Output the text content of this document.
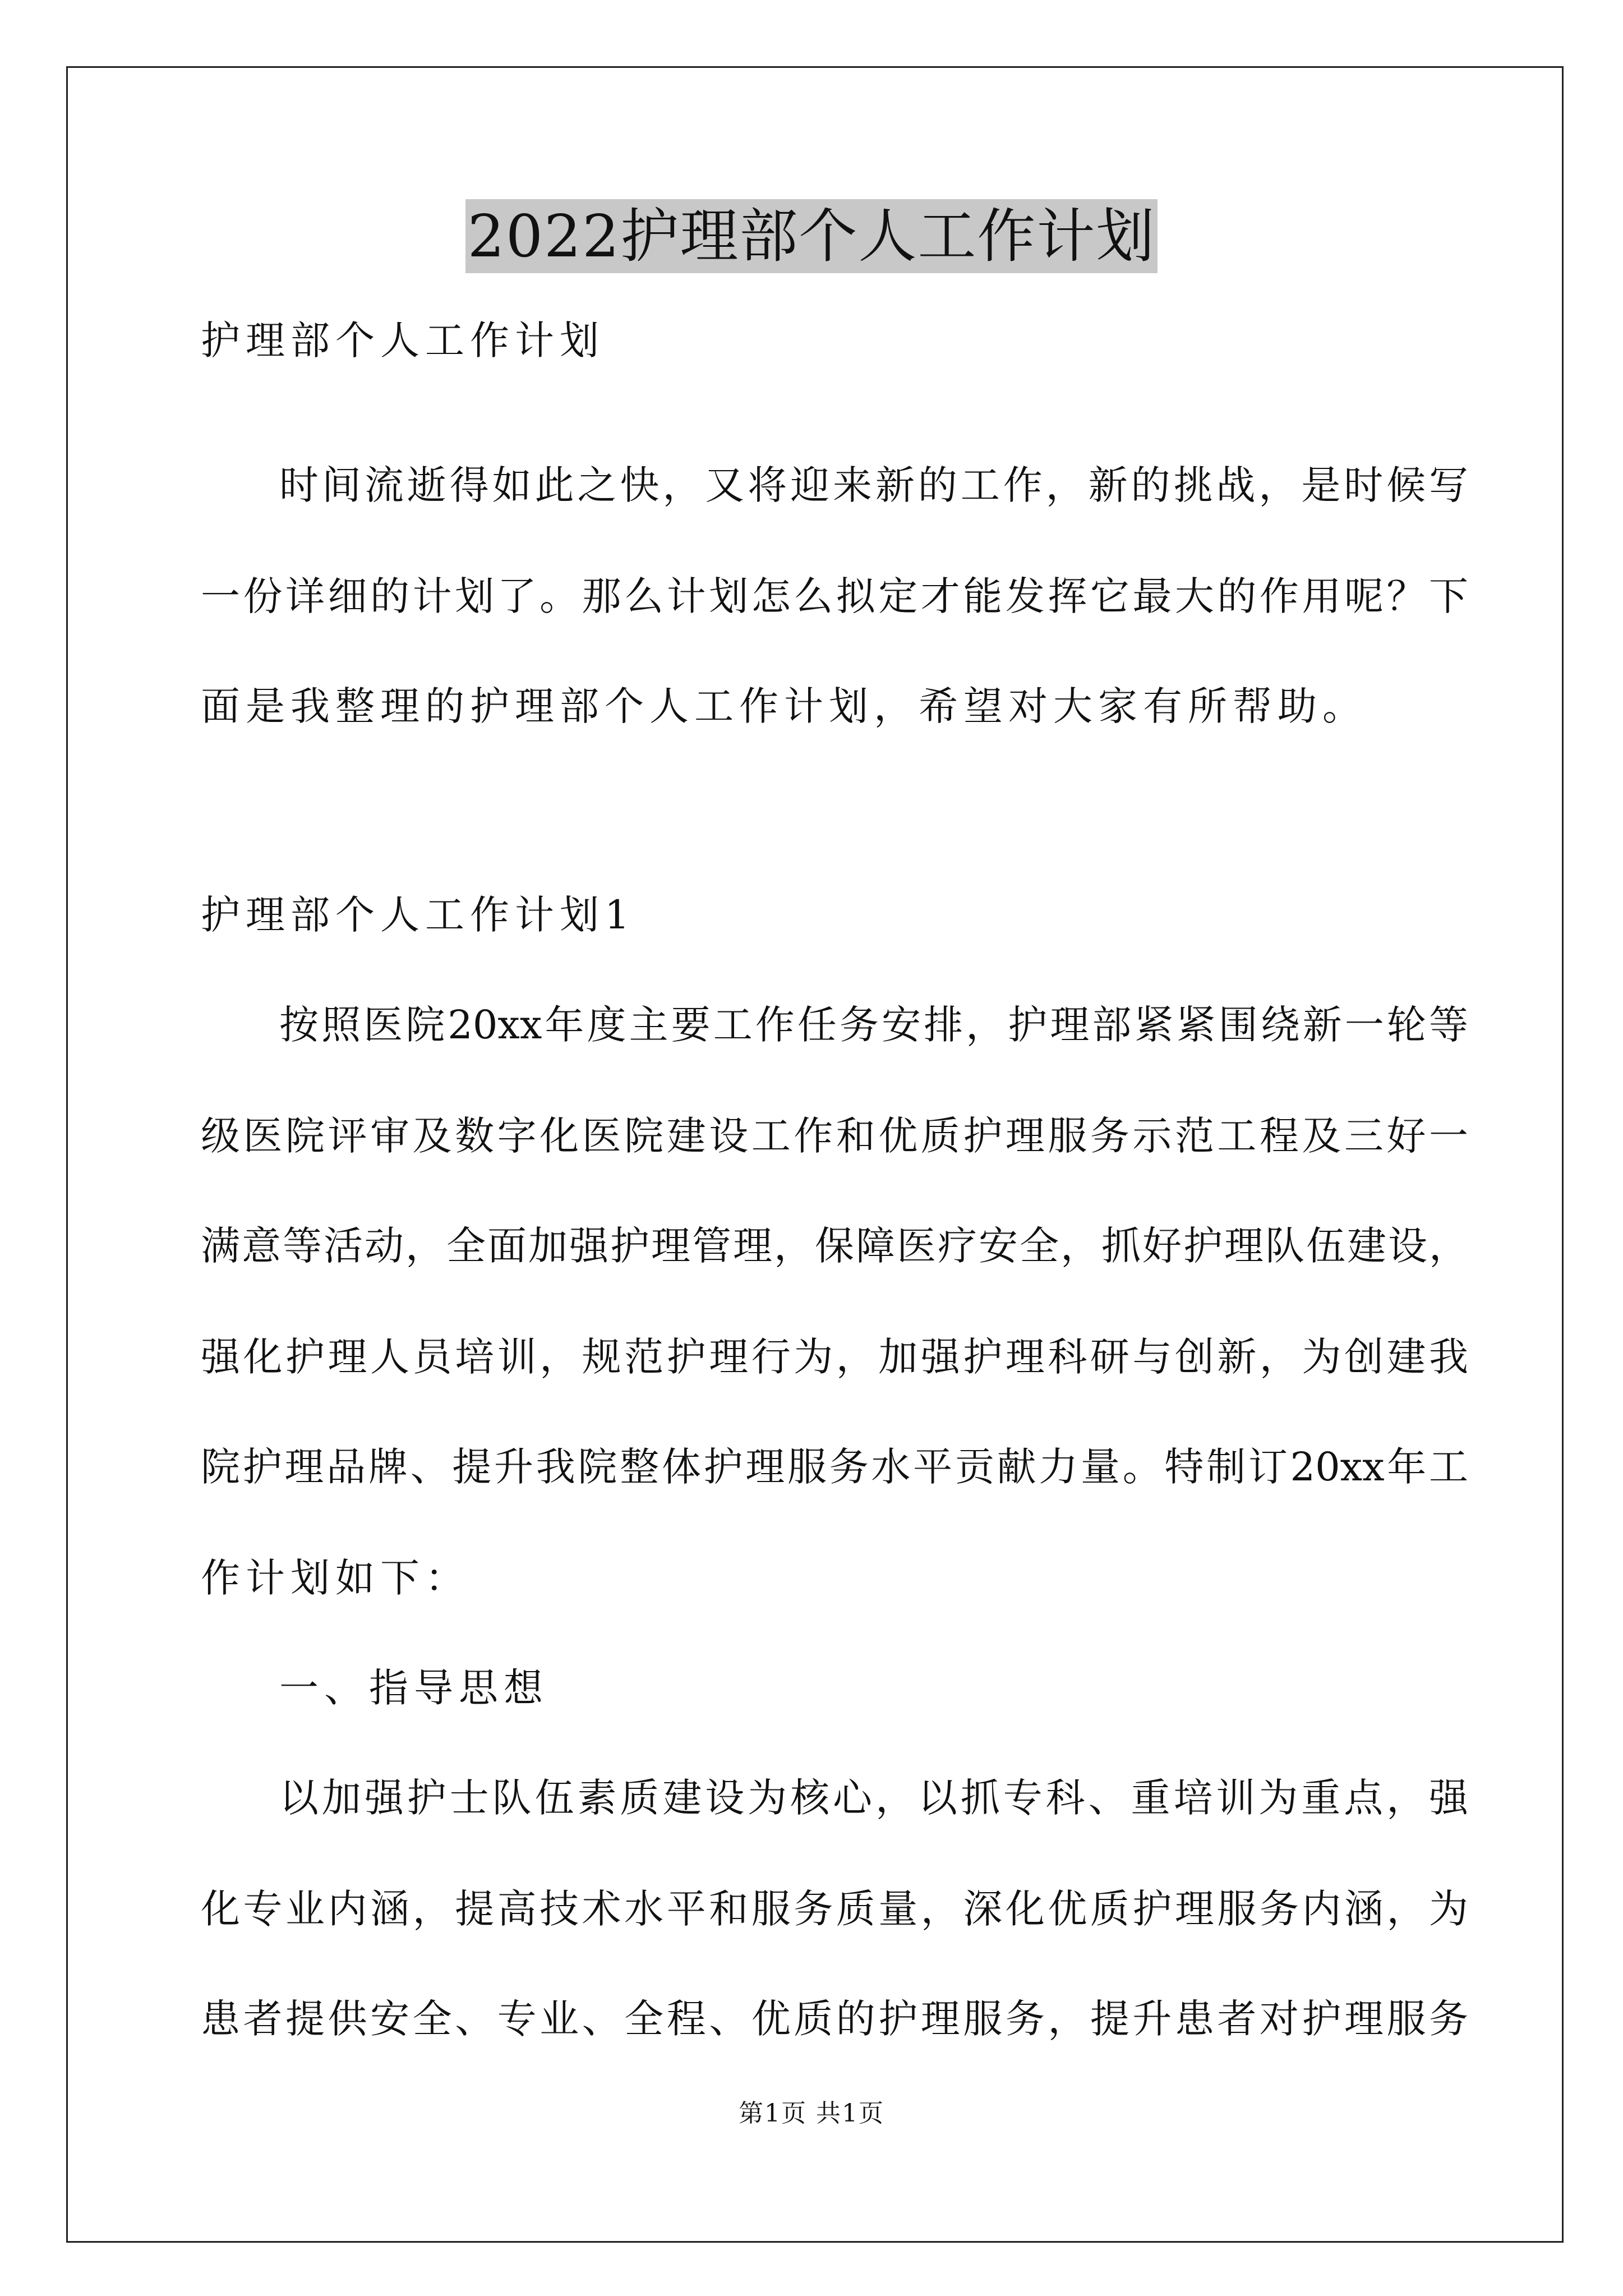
2022护理部个人工作计划
护理部个人工作计划
时间流逝得如此之快，又将迎来新的工作，新的挑战，是时候写
一份详细的计划了。那么计划怎么拟定才能发挥它最大的作用呢？下
面是我整理的护理部个人工作计划，希望对大家有所帮助。
护理部个人工作计划1
按照医院20xx年度主要工作任务安排，护理部紧紧围绕新一轮等
级医院评审及数字化医院建设工作和优质护理服务示范工程及三好一
满意等活动，全面加强护理管理，保障医疗安全，抓好护理队伍建设，
强化护理人员培训，规范护理行为，加强护理科研与创新，为创建我
院护理品牌、提升我院整体护理服务水平贡献力量。特制订20xx年工
作计划如下：
一、指导思想
以加强护士队伍素质建设为核心，以抓专科、重培训为重点，强
化专业内涵，提高技术水平和服务质量，深化优质护理服务内涵，为
患者提供安全、专业、全程、优质的护理服务，提升患者对护理服务
第1页 共1页
